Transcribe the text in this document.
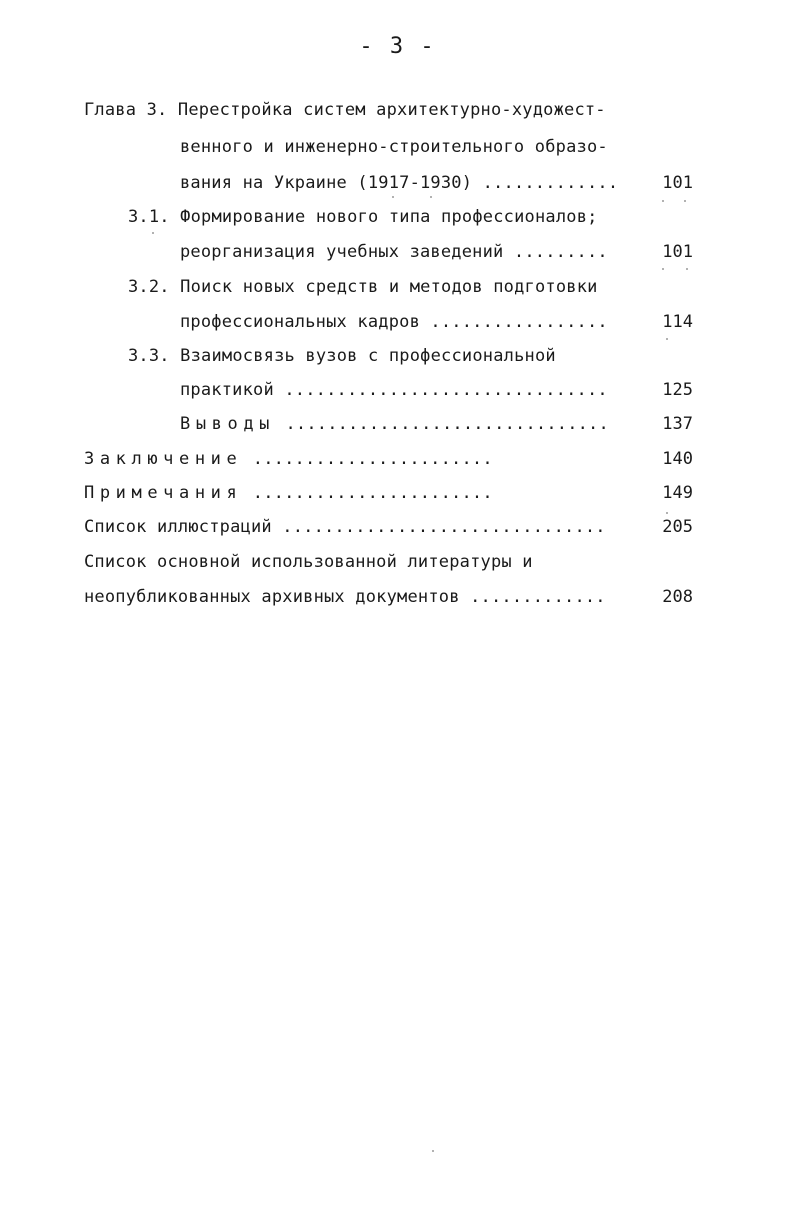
- 3 -
Глава 3. Перестройка систем архитектурно-художест-
венного и инженерно-строительного образо-
вания на Украине (1917-1930) .............	101
3.1. Формирование нового типа профессионалов;
реорганизация учебных заведений .........	101
3.2. Поиск новых средств и методов подготовки
профессиональных кадров .................	114
3.3. Взаимосвязь вузов с профессиональной
практикой ...............................	125
Выводы ...............................	137
Заключение .......................	140
Примечания .......................	149
Список иллюстраций ...............................	205
Список основной использованной литературы и
неопубликованных архивных документов .............	208
